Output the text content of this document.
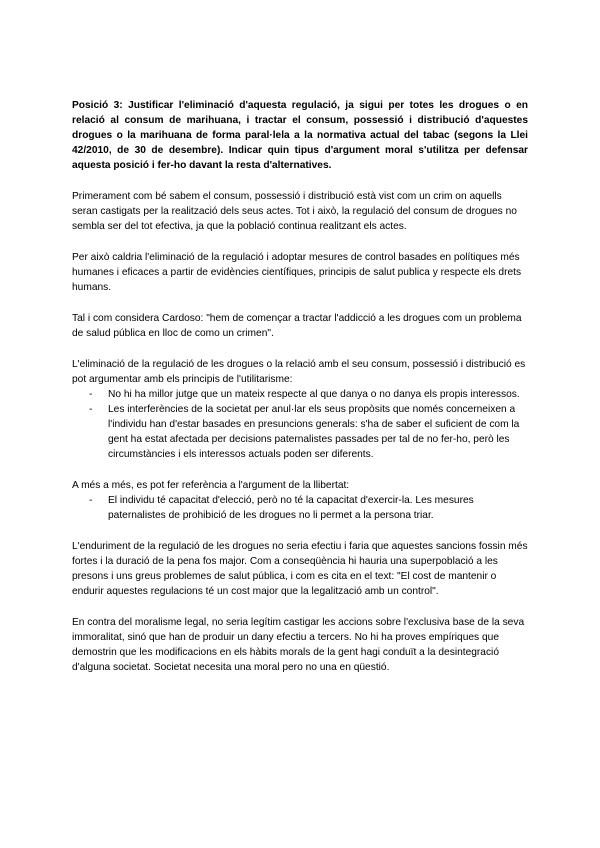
Posició 3: Justificar l'eliminació d'aquesta regulació, ja sigui per totes les drogues o en relació al consum de marihuana, i tractar el consum, possessió i distribució d'aquestes drogues o la marihuana de forma paral·lela a la normativa actual del tabac (segons la Llei 42/2010, de 30 de desembre). Indicar quin tipus d'argument moral s'utilitza per defensar aquesta posició i fer-ho davant la resta d'alternatives.

Primerament com bé sabem el consum, possessió i distribució està vist com un crim on aquells seran castigats per la realització dels seus actes. Tot i això, la regulació del consum de drogues no sembla ser del tot efectiva, ja que la població continua realitzant els actes.

Per això caldria l'eliminació de la regulació i adoptar mesures de control basades en polítiques més humanes i eficaces a partir de evidències científiques, principis de salut publica y respecte els drets humans.

Tal i com considera Cardoso: "hem de començar a tractar l'addicció a les drogues com un problema de salud pública en lloc de como un crimen".

L'eliminació de la regulació de les drogues o la relació amb el seu consum, possessió i distribució es pot argumentar amb els principis de l'utilitarisme:

- No hi ha millor jutge que un mateix respecte al que danya o no danya els propis interessos.
- Les interferències de la societat per anul·lar els seus propòsits que només concerneixen a l'individu han d'estar basades en presuncions generals: s'ha de saber el suficient de com la gent ha estat afectada per decisions paternalistes passades per tal de no fer-ho, però les circumstàncies i els interessos actuals poden ser diferents.

A més a més, es pot fer referència a l'argument de la llibertat:

- El individu té capacitat d'elecció, però no té la capacitat d'exercir-la. Les mesures paternalistes de prohibició de les drogues no li permet a la persona triar.

L'enduriment de la regulació de les drogues no seria efectiu i faria que aquestes sancions fossin més fortes i la duració de la pena fos major. Com a conseqüència hi hauria una superpoblació a les presons i uns greus problemes de salut pública, i com es cita en el text: "El cost de mantenir o endurir aquestes regulacions té un cost major que la legalització amb un control".

En contra del moralisme legal, no seria legítim castigar les accions sobre l'exclusiva base de la seva immoralitat, sinó que han de produir un dany efectiu a tercers. No hi ha proves empíriques que demostrin que les modificacions en els hàbits morals de la gent hagi conduït a la desintegració d'alguna societat. Societat necesita una moral pero no una en qüestió.
